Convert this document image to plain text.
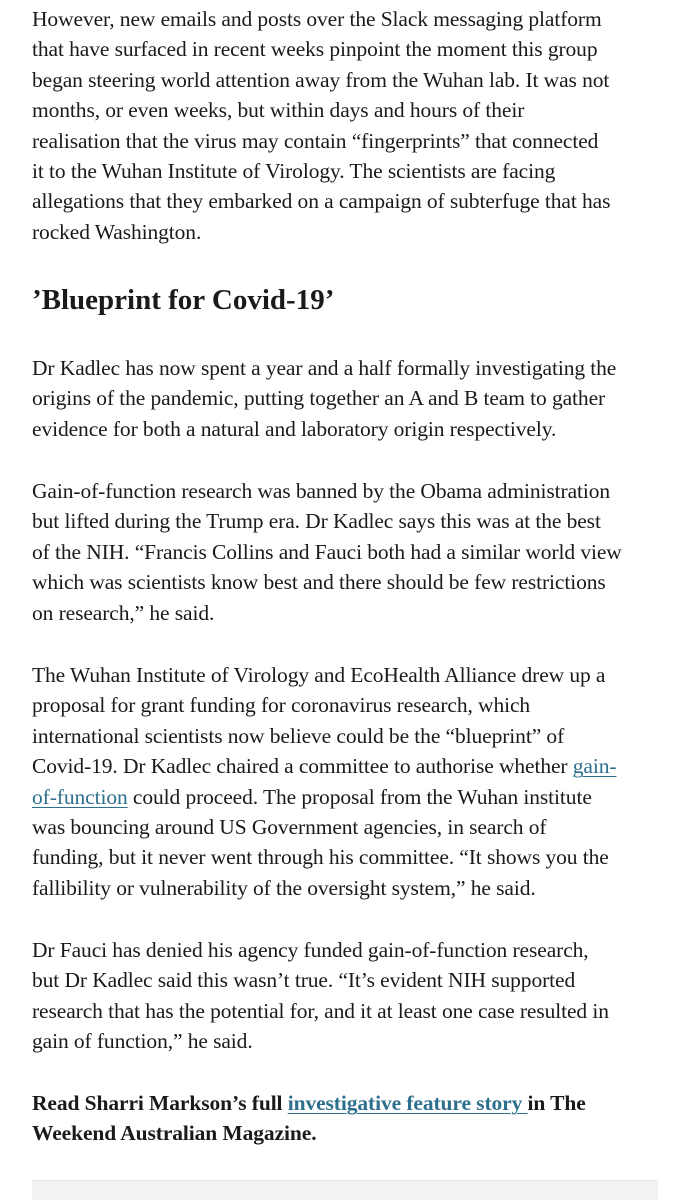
However, new emails and posts over the Slack messaging platform
that have surfaced in recent weeks pinpoint the moment this group
began steering world attention away from the Wuhan lab. It was not
months, or even weeks, but within days and hours of their
realisation that the virus may contain “fingerprints” that connected
it to the Wuhan Institute of Virology. The scientists are facing
allegations that they embarked on a campaign of subterfuge that has
rocked Washington.

’Blueprint for Covid-19’

Dr Kadlec has now spent a year and a half formally investigating the
origins of the pandemic, putting together an A and B team to gather
evidence for both a natural and laboratory origin respectively.

Gain-of-function research was banned by the Obama administration
but lifted during the Trump era. Dr Kadlec says this was at the best
of the NIH. “Francis Collins and Fauci both had a similar world view
which was scientists know best and there should be few restrictions
on research,” he said.

The Wuhan Institute of Virology and EcoHealth Alliance drew up a
proposal for grant funding for coronavirus research, which
international scientists now believe could be the “blueprint” of
Covid-19. Dr Kadlec chaired a committee to authorise whether gain-
of-function could proceed. The proposal from the Wuhan institute
was bouncing around US Government agencies, in search of
funding, but it never went through his committee. “It shows you the
fallibility or vulnerability of the oversight system,” he said.

Dr Fauci has denied his agency funded gain-of-function research,
but Dr Kadlec said this wasn’t true. “It’s evident NIH supported
research that has the potential for, and it at least one case resulted in
gain of function,” he said.

Read Sharri Markson’s full investigative feature story in The
Weekend Australian Magazine.
